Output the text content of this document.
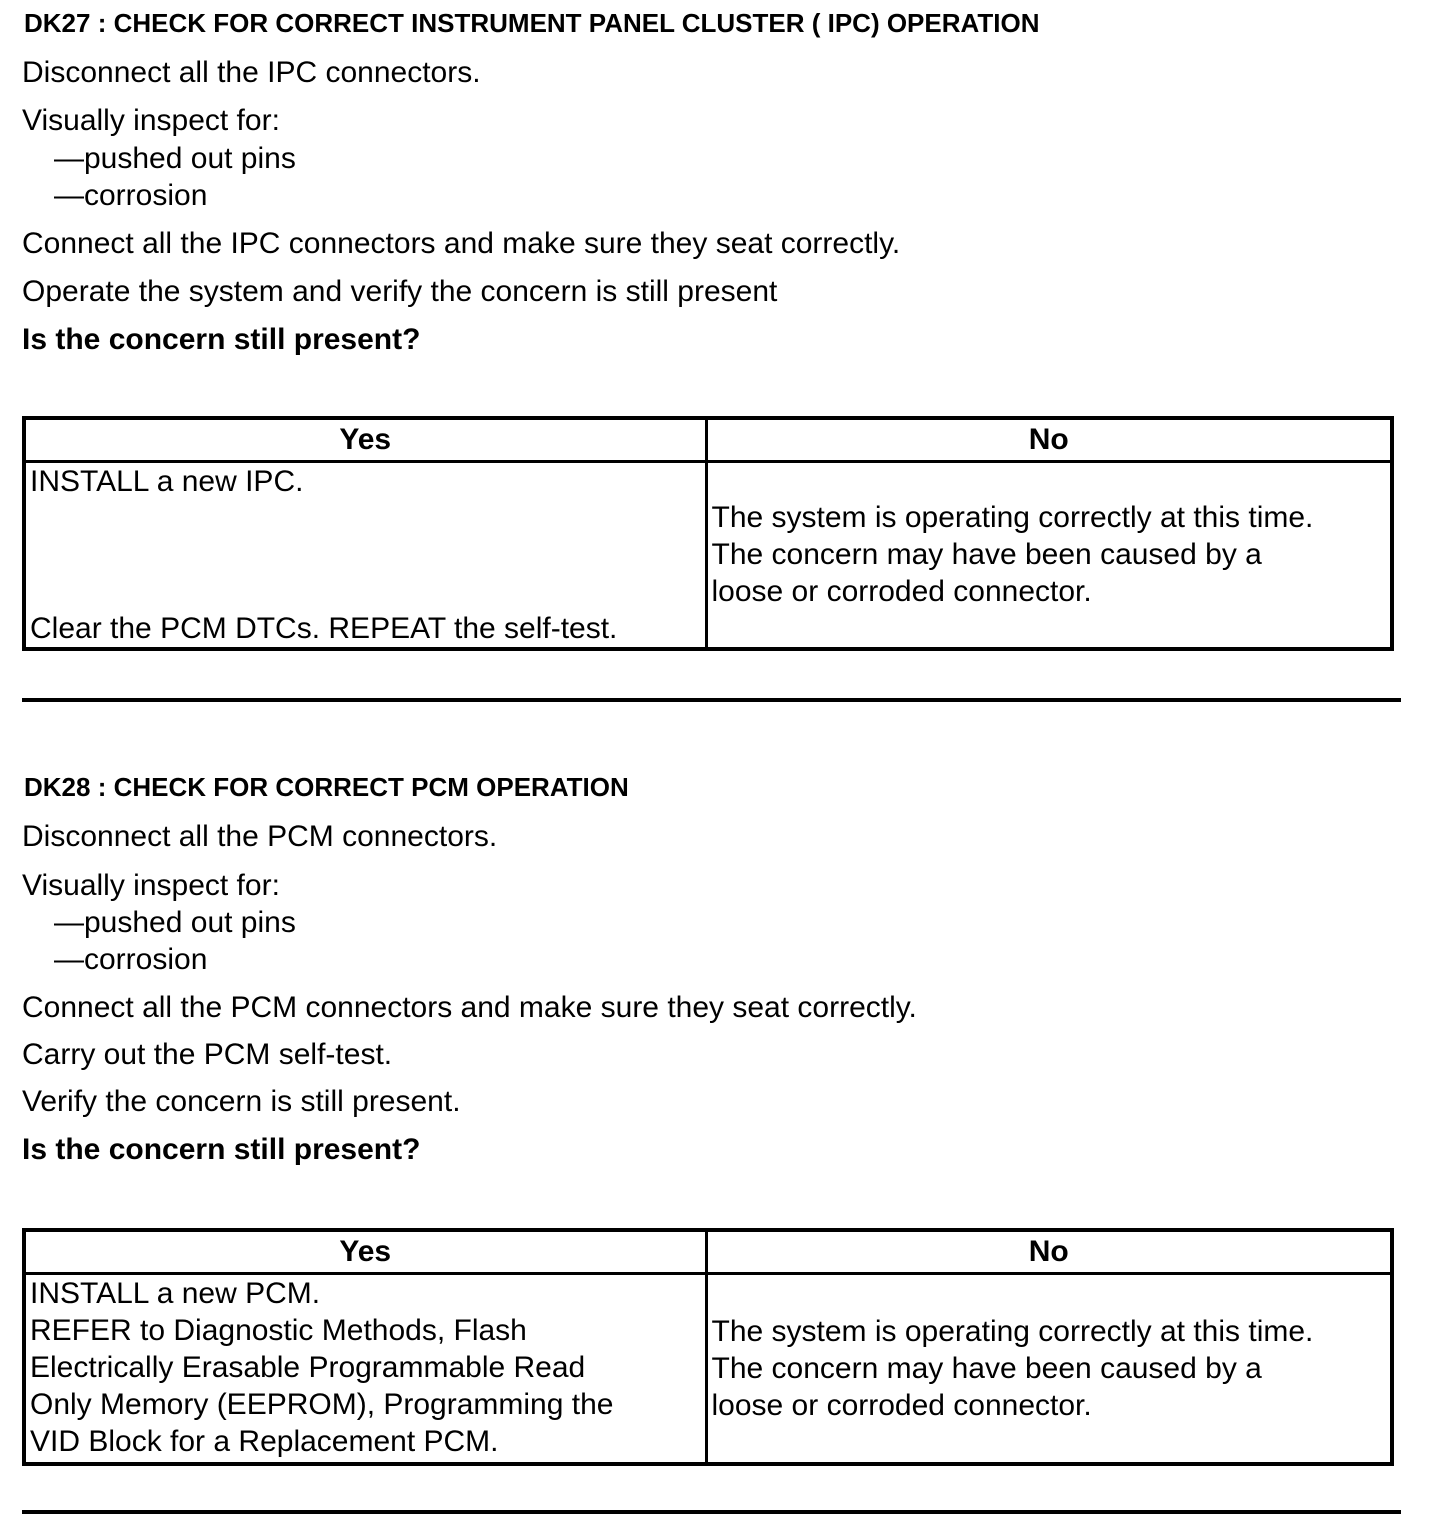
DK27 : CHECK FOR CORRECT INSTRUMENT PANEL CLUSTER ( IPC) OPERATION
Disconnect all the IPC connectors.
Visually inspect for:
—pushed out pins
—corrosion
Connect all the IPC connectors and make sure they seat correctly.
Operate the system and verify the concern is still present
Is the concern still present?
Yes	No

INSTALL a new IPC.
Clear the PCM DTCs. REPEAT the self-test.	The system is operating correctly at this time.
The concern may have been caused by a
loose or corroded connector.
DK28 : CHECK FOR CORRECT PCM OPERATION
Disconnect all the PCM connectors.
Visually inspect for:
—pushed out pins
—corrosion
Connect all the PCM connectors and make sure they seat correctly.
Carry out the PCM self-test.
Verify the concern is still present.
Is the concern still present?
Yes	No

INSTALL a new PCM.
REFER to Diagnostic Methods, Flash
Electrically Erasable Programmable Read
Only Memory (EEPROM), Programming the
VID Block for a Replacement PCM.	The system is operating correctly at this time.
The concern may have been caused by a
loose or corroded connector.
